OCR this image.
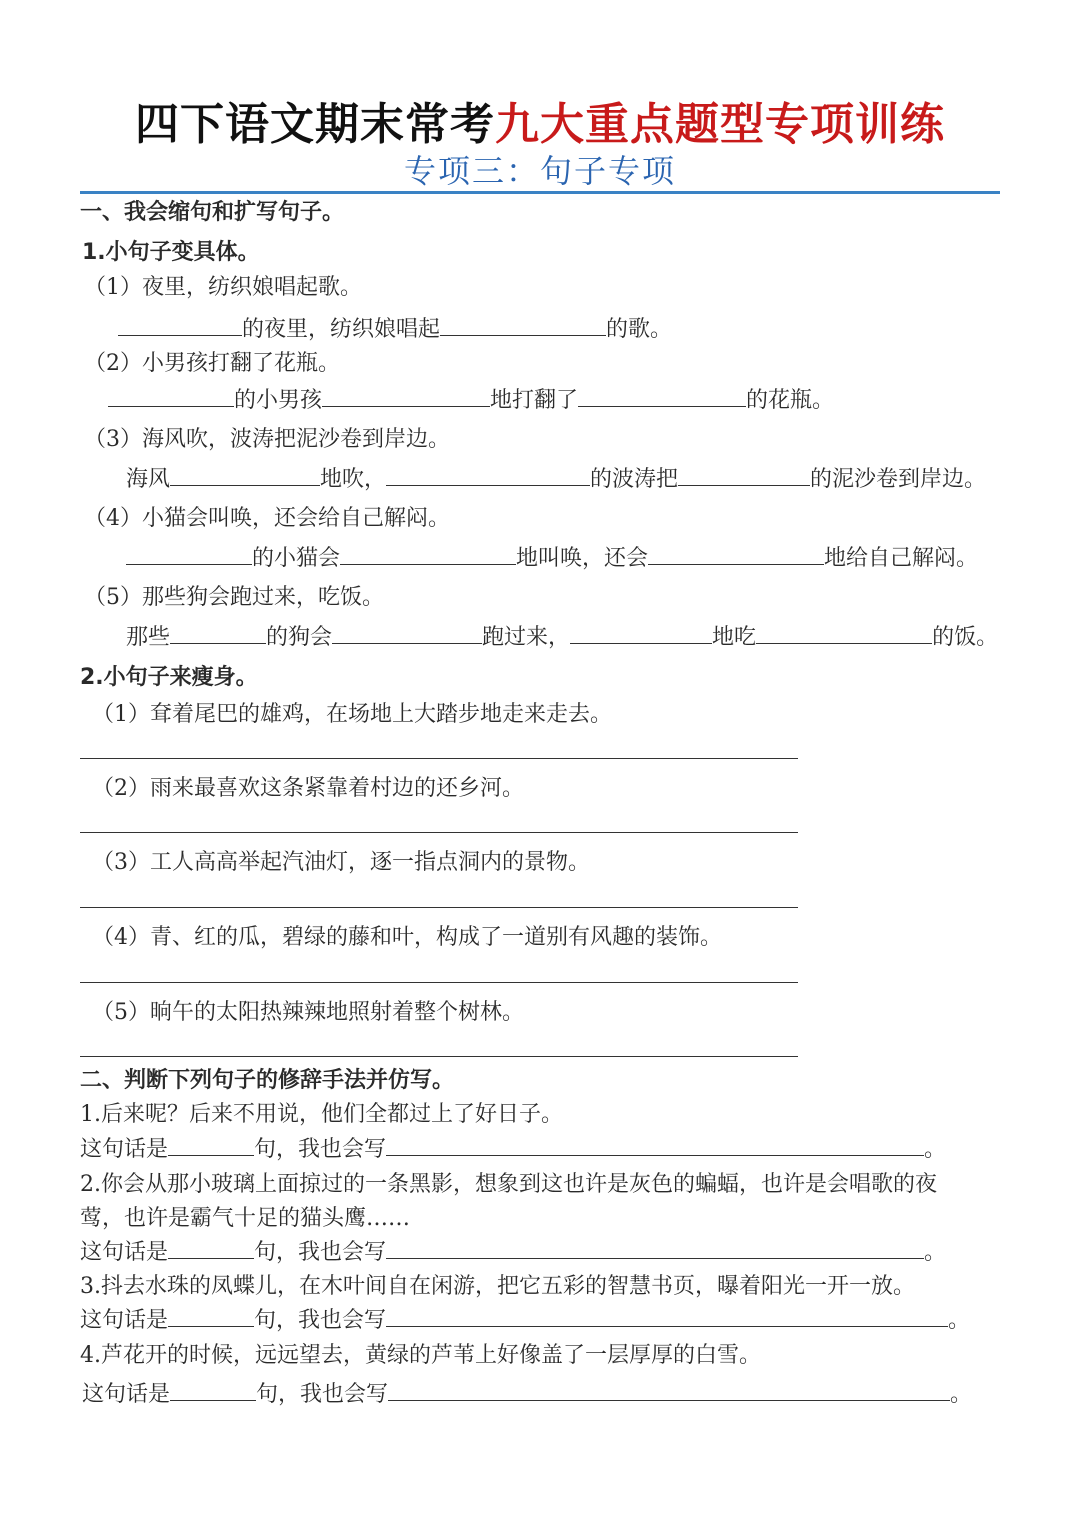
四下语文期末常考九大重点题型专项训练
专项三：句子专项
一、我会缩句和扩写句子。
1.小句子变具体。
（1）夜里，纺织娘唱起歌。
的夜里，纺织娘唱起	的歌。
（2）小男孩打翻了花瓶。
的小男孩	地打翻了	的花瓶。
（3）海风吹，波涛把泥沙卷到岸边。
海风	地吹，	的波涛把	的泥沙卷到岸边。
（4）小猫会叫唤，还会给自己解闷。
的小猫会	地叫唤，还会	地给自己解闷。
（5）那些狗会跑过来，吃饭。
那些	的狗会	跑过来，	地吃	的饭。
2.小句子来瘦身。
（1）耷着尾巴的雄鸡，在场地上大踏步地走来走去。
（2）雨来最喜欢这条紧靠着村边的还乡河。
（3）工人高高举起汽油灯，逐一指点洞内的景物。
（4）青、红的瓜，碧绿的藤和叶，构成了一道别有风趣的装饰。
（5）晌午的太阳热辣辣地照射着整个树林。
二、判断下列句子的修辞手法并仿写。
1.后来呢？后来不用说，他们全都过上了好日子。
这句话是	句，我也会写	。
2.你会从那小玻璃上面掠过的一条黑影，想象到这也许是灰色的蝙蝠，也许是会唱歌的夜
莺，也许是霸气十足的猫头鹰……
这句话是	句，我也会写	。
3.抖去水珠的凤蝶儿，在木叶间自在闲游，把它五彩的智慧书页，曝着阳光一开一放。
这句话是	句，我也会写	。
4.芦花开的时候，远远望去，黄绿的芦苇上好像盖了一层厚厚的白雪。
这句话是	句，我也会写	。
